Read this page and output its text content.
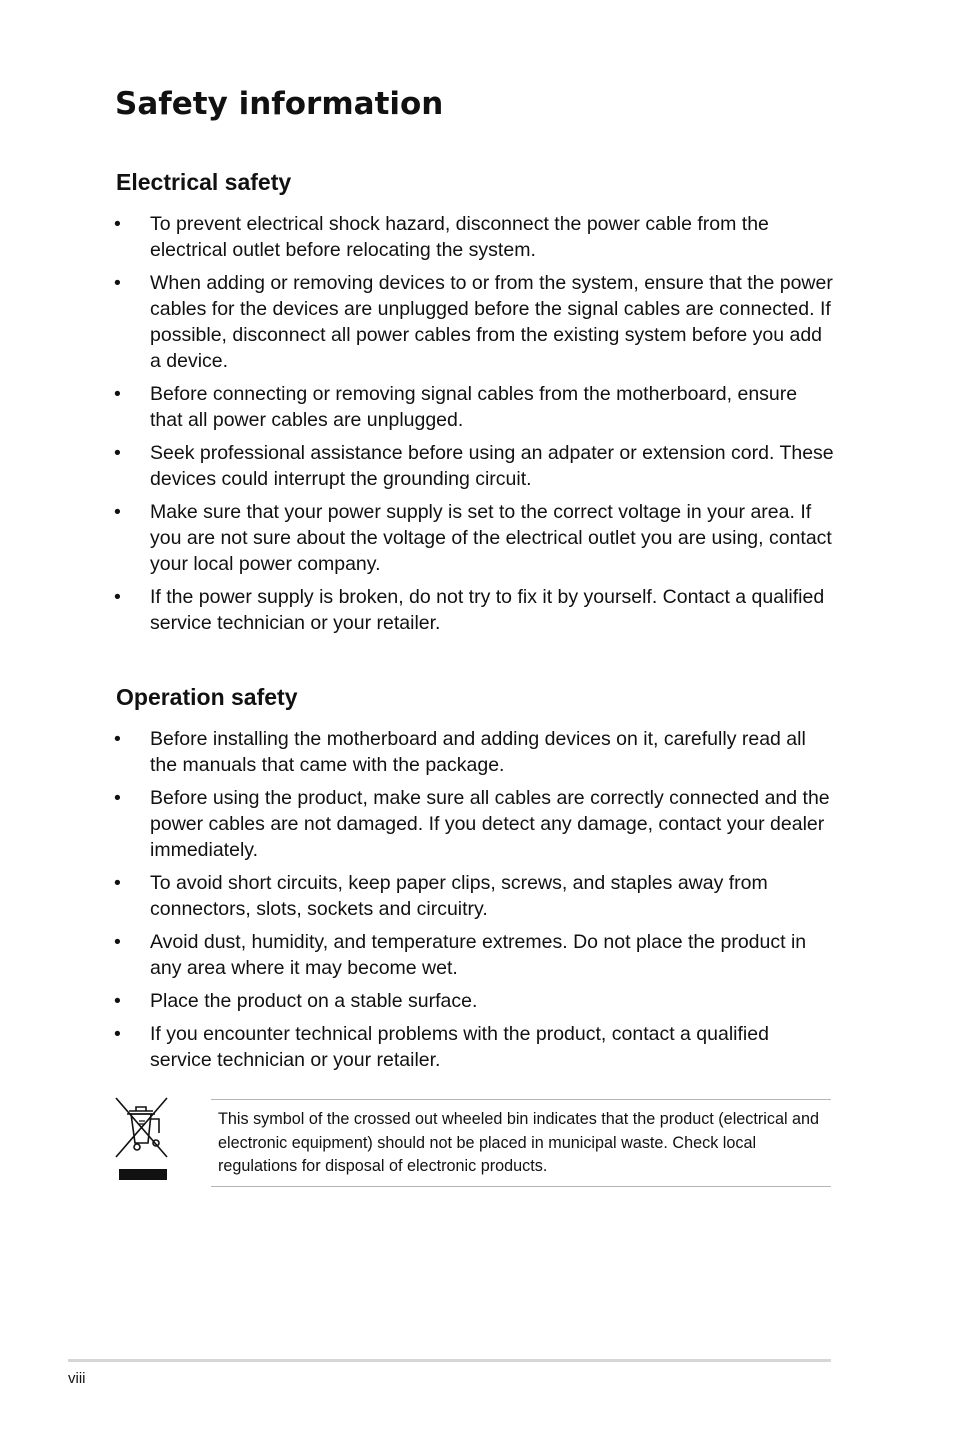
Safety information
Electrical safety
• To prevent electrical shock hazard, disconnect the power cable from the electrical outlet before relocating the system.
• When adding or removing devices to or from the system, ensure that the power cables for the devices are unplugged before the signal cables are connected. If possible, disconnect all power cables from the existing system before you add a device.
• Before connecting or removing signal cables from the motherboard, ensure that all power cables are unplugged.
• Seek professional assistance before using an adpater or extension cord. These devices could interrupt the grounding circuit.
• Make sure that your power supply is set to the correct voltage in your area. If you are not sure about the voltage of the electrical outlet you are using, contact your local power company.
• If the power supply is broken, do not try to fix it by yourself. Contact a qualified service technician or your retailer.
Operation safety
• Before installing the motherboard and adding devices on it, carefully read all the manuals that came with the package.
• Before using the product, make sure all cables are correctly connected and the power cables are not damaged. If you detect any damage, contact your dealer immediately.
• To avoid short circuits, keep paper clips, screws, and staples away from connectors, slots, sockets and circuitry.
• Avoid dust, humidity, and temperature extremes. Do not place the product in any area where it may become wet.
• Place the product on a stable surface.
• If you encounter technical problems with the product, contact a qualified service technician or your retailer.

This symbol of the crossed out wheeled bin indicates that the product (electrical and electronic equipment) should not be placed in municipal waste. Check local regulations for disposal of electronic products.

viii
